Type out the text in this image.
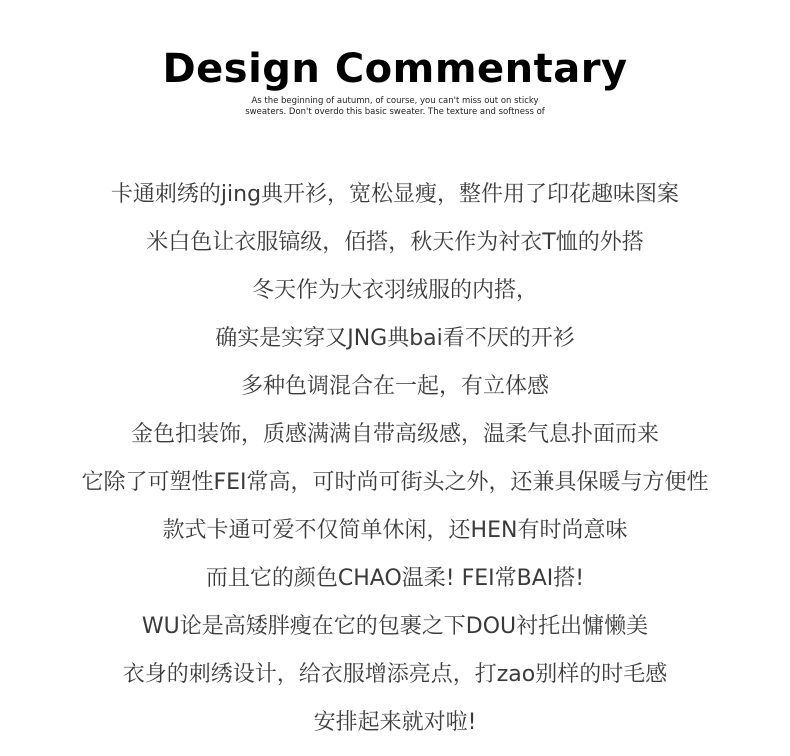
Design Commentary
As the beginning of autumn, of course, you can't miss out on sticky
sweaters. Don't overdo this basic sweater. The texture and softness of
卡通刺绣的jing典开衫，宽松显瘦，整件用了印花趣味图案
米白色让衣服镐级，佰搭，秋天作为衬衣T恤的外搭
冬天作为大衣羽绒服的内搭，
确实是实穿又JNG典bai看不厌的开衫
多种色调混合在一起，有立体感
金色扣装饰，质感满满自带高级感，温柔气息扑面而来
它除了可塑性FEI常高，可时尚可街头之外，还兼具保暖与方便性
款式卡通可爱不仅简单休闲，还HEN有时尚意味
而且它的颜色CHAO温柔! FEI常BAI搭!
WU论是高矮胖瘦在它的包裹之下DOU衬托出慵懒美
衣身的刺绣设计，给衣服增添亮点，打zao别样的时毛感
安排起来就对啦!
